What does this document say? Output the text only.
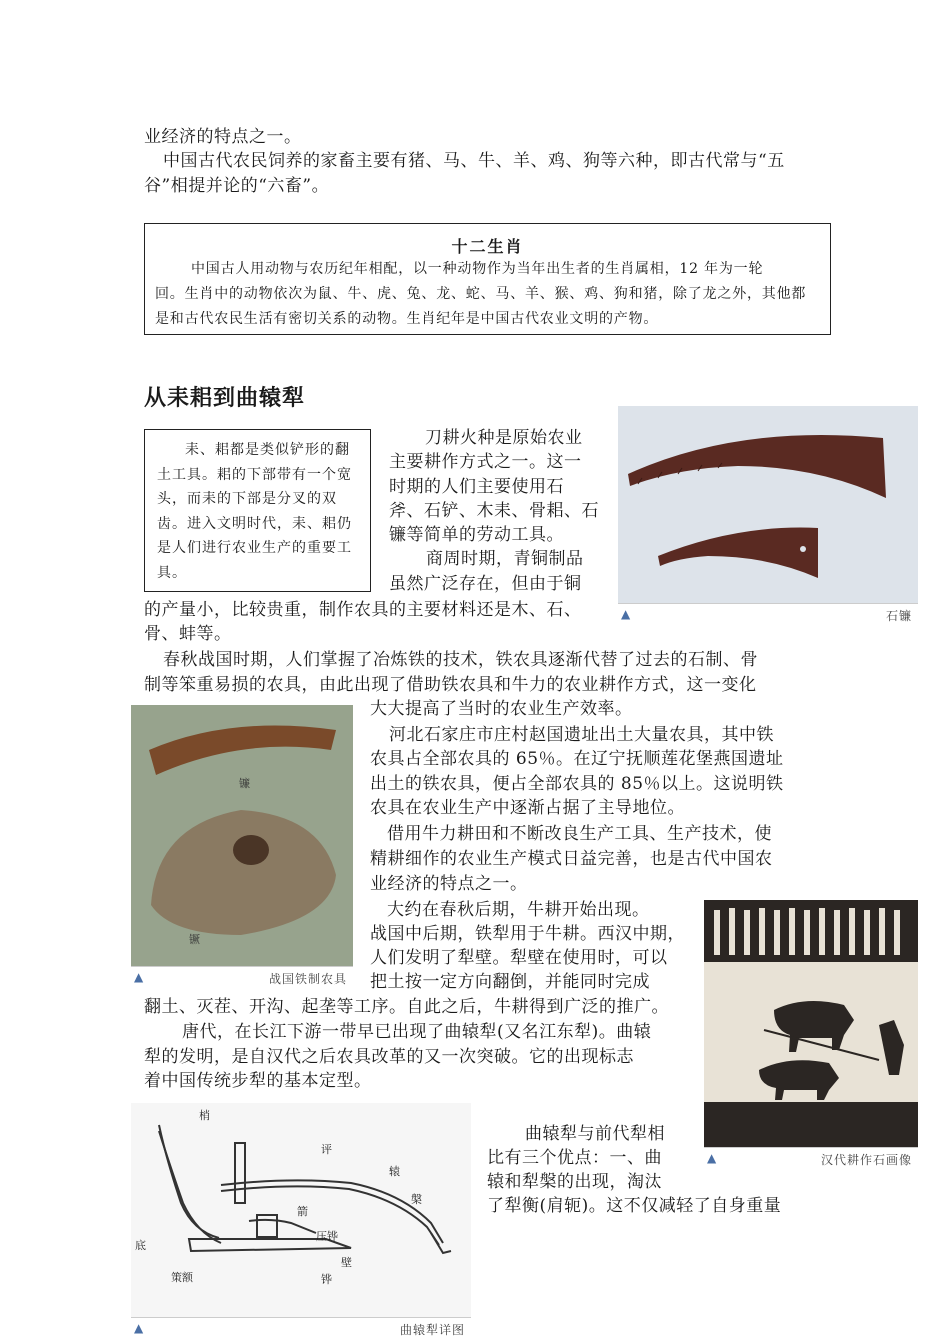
业经济的特点之一。
中国古代农民饲养的家畜主要有猪、马、牛、羊、鸡、狗等六种，即古代常与“五
谷”相提并论的“六畜”。
十二生肖
中国古人用动物与农历纪年相配，以一种动物作为当年出生者的生肖属相，12 年为一轮
回。生肖中的动物依次为鼠、牛、虎、兔、龙、蛇、马、羊、猴、鸡、狗和猪，除了龙之外，其他都
是和古代农民生活有密切关系的动物。生肖纪年是中国古代农业文明的产物。
从耒耜到曲辕犁
耒、耜都是类似铲形的翻土工具。耜的下部带有一个宽头，而耒的下部是分叉的双齿。进入文明时代，耒、耜仍是人们进行农业生产的重要工具。
刀耕火种是原始农业
主要耕作方式之一。这一
时期的人们主要使用石
斧、石铲、木耒、骨耜、石
镰等简单的劳动工具。
商周时期，青铜制品
虽然广泛存在，但由于铜
的产量小，比较贵重，制作农具的主要材料还是木、石、
骨、蚌等。
▲	石镰
春秋战国时期，人们掌握了冶炼铁的技术，铁农具逐渐代替了过去的石制、骨
制等笨重易损的农具，由此出现了借助铁农具和牛力的农业耕作方式，这一变化
大大提高了当时的农业生产效率。
镰
镢
▲	战国铁制农具
河北石家庄市庄村赵国遗址出土大量农具，其中铁
农具占全部农具的 65％。在辽宁抚顺莲花堡燕国遗址
出土的铁农具，便占全部农具的 85％以上。这说明铁
农具在农业生产中逐渐占据了主导地位。
借用牛力耕田和不断改良生产工具、生产技术，使
精耕细作的农业生产模式日益完善，也是古代中国农
业经济的特点之一。
▲	汉代耕作石画像
大约在春秋后期，牛耕开始出现。
战国中后期，铁犁用于牛耕。西汉中期，
人们发明了犁壁。犁壁在使用时，可以
把土按一定方向翻倒，并能同时完成
翻土、灭茬、开沟、起垄等工序。自此之后，牛耕得到广泛的推广。
唐代，在长江下游一带早已出现了曲辕犁(又名江东犁)。曲辕
犁的发明，是自汉代之后农具改革的又一次突破。它的出现标志
着中国传统步犁的基本定型。
梢
评
辕
箭
压铧
底
策额
壁
铧
槃
▲	曲辕犁详图
曲辕犁与前代犁相
比有三个优点：一、曲
辕和犁槃的出现，淘汰
了犁衡(肩轭)。这不仅减轻了自身重量
